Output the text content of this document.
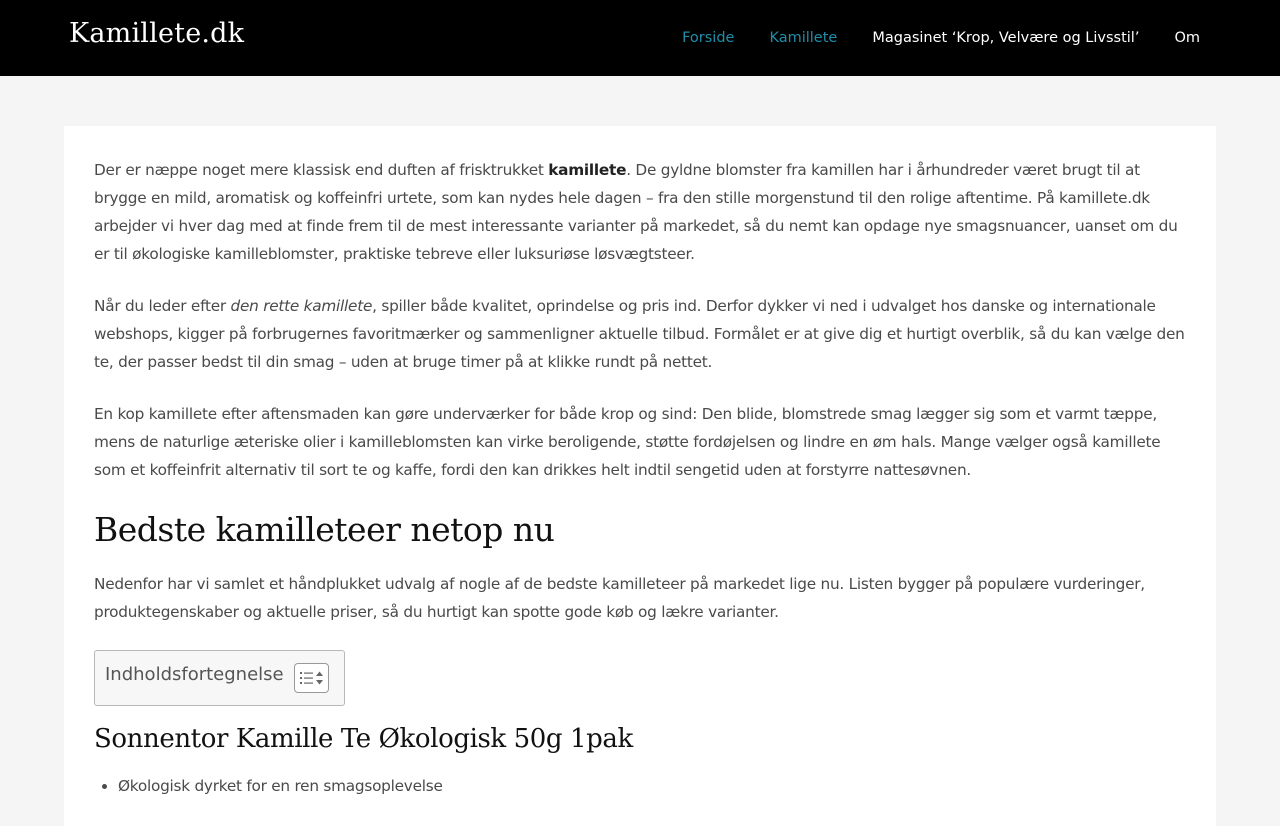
Kamillete.dk	Forside Kamillete Magasinet ‘Krop, Velvære og Livsstil’ Om

Der er næppe noget mere klassisk end duften af frisktrukket kamillete. De gyldne blomster fra kamillen har i århundreder været brugt til at brygge en mild, aromatisk og koffeinfri urtete, som kan nydes hele dagen – fra den stille morgenstund til den rolige aftentime. På kamillete.dk arbejder vi hver dag med at finde frem til de mest interessante varianter på markedet, så du nemt kan opdage nye smagsnuancer, uanset om du er til økologiske kamilleblomster, praktiske tebreve eller luksuriøse løsvægtsteer.

Når du leder efter den rette kamillete, spiller både kvalitet, oprindelse og pris ind. Derfor dykker vi ned i udvalget hos danske og internationale webshops, kigger på forbrugernes favoritmærker og sammenligner aktuelle tilbud. Formålet er at give dig et hurtigt overblik, så du kan vælge den te, der passer bedst til din smag – uden at bruge timer på at klikke rundt på nettet.

En kop kamillete efter aftensmaden kan gøre underværker for både krop og sind: Den blide, blomstrede smag lægger sig som et varmt tæppe, mens de naturlige æteriske olier i kamilleblomsten kan virke beroligende, støtte fordøjelsen og lindre en øm hals. Mange vælger også kamillete som et koffeinfrit alternativ til sort te og kaffe, fordi den kan drikkes helt indtil sengetid uden at forstyrre nattesøvnen.

Bedste kamilleteer netop nu

Nedenfor har vi samlet et håndplukket udvalg af nogle af de bedste kamilleteer på markedet lige nu. Listen bygger på populære vurderinger, produktegenskaber og aktuelle priser, så du hurtigt kan spotte gode køb og lækre varianter.

Indholdsfortegnelse
Sonnentor Kamille Te Økologisk 50g 1pak
• Økologisk dyrket for en ren smagsoplevelse
